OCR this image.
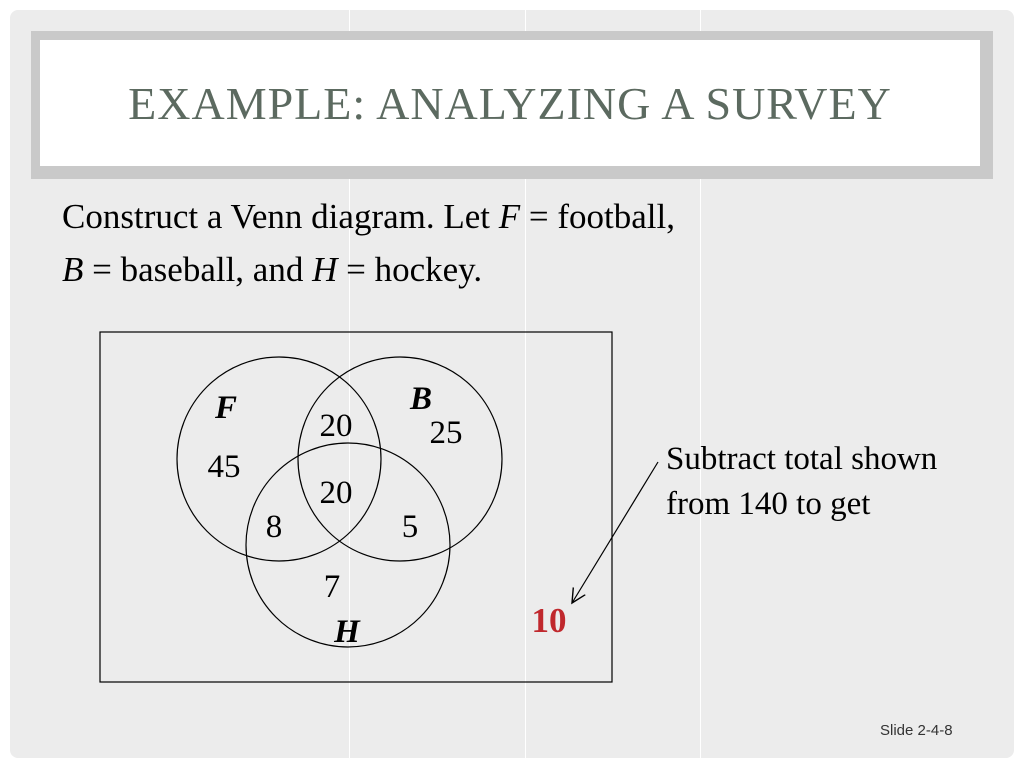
EXAMPLE: ANALYZING A SURVEY
Construct a Venn diagram. Let F = football,
B = baseball, and H = hockey.
F	B
H
45
20 25
20
8	5
7
10
Subtract total shown from 140 to get
Slide 2-4-8
